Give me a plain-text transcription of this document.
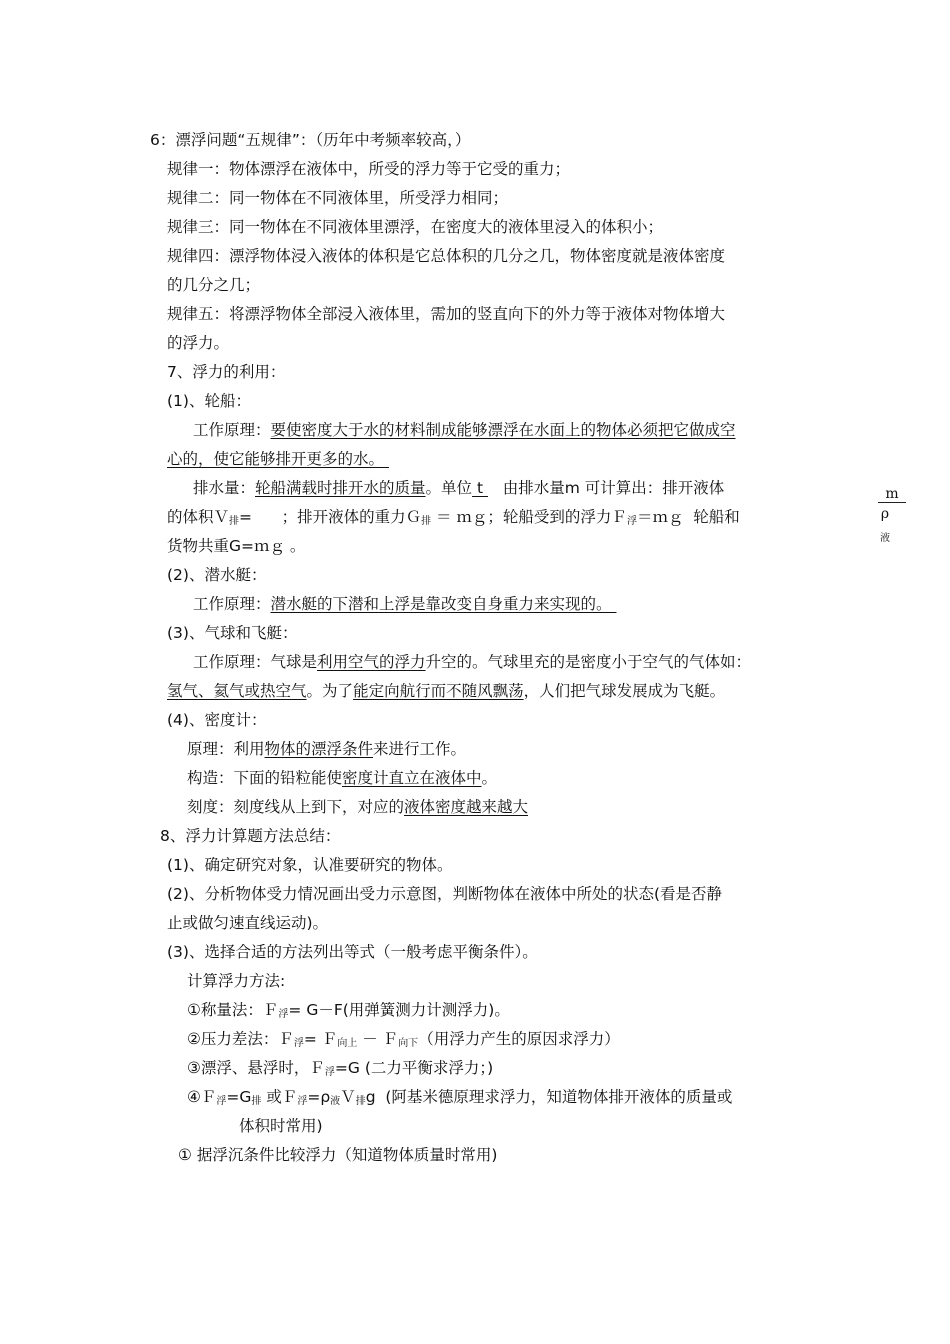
6：漂浮问题“五规律”：（历年中考频率较高，）
规律一：物体漂浮在液体中，所受的浮力等于它受的重力；
规律二：同一物体在不同液体里，所受浮力相同；
规律三：同一物体在不同液体里漂浮，在密度大的液体里浸入的体积小；
规律四：漂浮物体浸入液体的体积是它总体积的几分之几，物体密度就是液体密度
的几分之几；
规律五：将漂浮物体全部浸入液体里，需加的竖直向下的外力等于液体对物体增大
的浮力。
7、浮力的利用：
(1)、轮船：
工作原理：要使密度大于水的材料制成能够漂浮在水面上的物体必须把它做成空
心的，使它能够排开更多的水。
排水量：轮船满载时排开水的质量。单位 t    由排水量m 可计算出：排开液体
的体积Ｖ$_排$=      ；排开液体的重力Ｇ$_排$ ＝ ｍｇ；轮船受到的浮力Ｆ$_浮$＝ｍｇ  轮船和
货物共重G=ｍｇ 。
(2)、潜水艇：
工作原理：潜水艇的下潜和上浮是靠改变自身重力来实现的。
(3)、气球和飞艇：
工作原理：气球是利用空气的浮力升空的。气球里充的是密度小于空气的气体如：
氢气、氦气或热空气。为了能定向航行而不随风飘荡，人们把气球发展成为飞艇。
(4)、密度计：
原理：利用物体的漂浮条件来进行工作。
构造：下面的铅粒能使密度计直立在液体中。
刻度：刻度线从上到下，对应的液体密度越来越大
8、浮力计算题方法总结：
(1)、确定研究对象，认准要研究的物体。
(2)、分析物体受力情况画出受力示意图，判断物体在液体中所处的状态(看是否静
止或做匀速直线运动)。
(3)、选择合适的方法列出等式（一般考虑平衡条件）。
计算浮力方法:
①称量法：Ｆ$_浮$= G－F(用弹簧测力计测浮力)。
②压力差法：Ｆ$_浮$= Ｆ$_{向上}$ － Ｆ$_{向下}$（用浮力产生的原因求浮力）
③漂浮、悬浮时，Ｆ$_浮$=G (二力平衡求浮力；)
$④F_浮=G_排$ 或$F_浮=\rho_液V_排g$  (阿基米德原理求浮力，知道物体排开液体的质量或
体积时常用)
① 据浮沉条件比较浮力（知道物体质量时常用)
m
ρ
液
